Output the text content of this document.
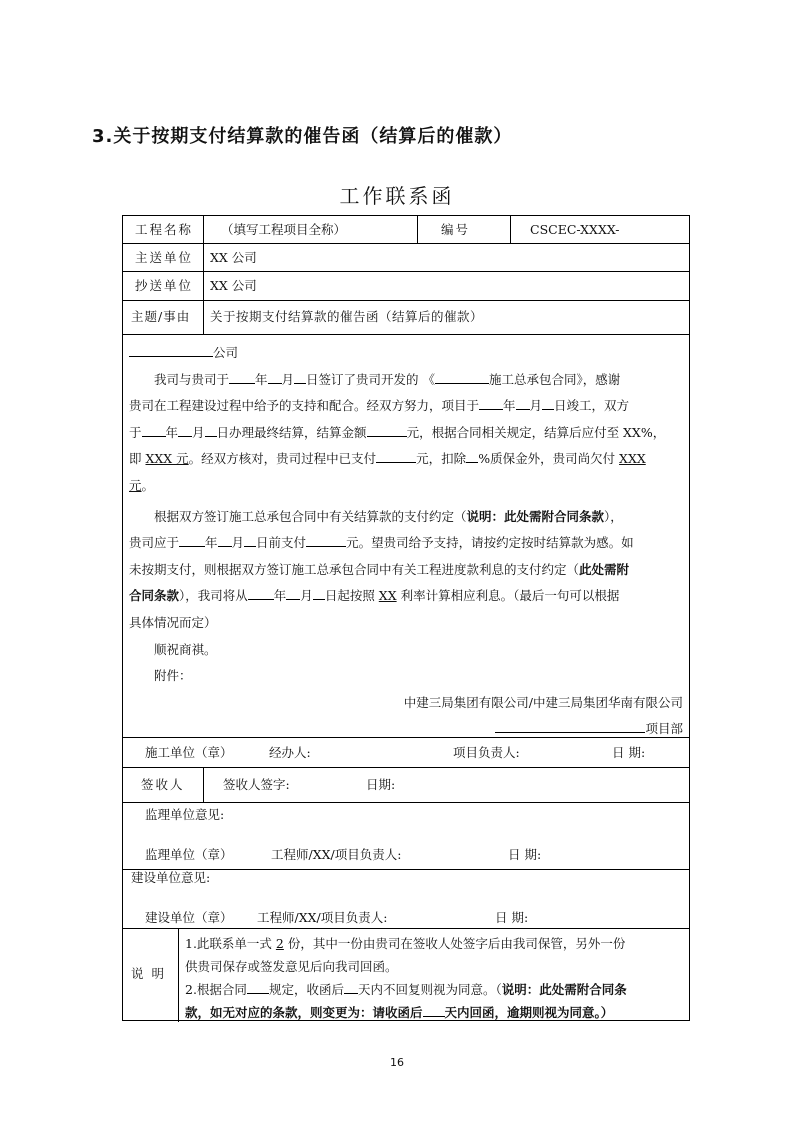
3.关于按期支付结算款的催告函（结算后的催款）
工作联系函
工程名称 （填写工程项目全称）	编号	CSCEC-XXXX-
主送单位 XX 公司
抄送单位 XX 公司
主题/事由 关于按期支付结算款的催告函（结算后的催款）

公司

我司与贵司于 年 月 日签订了贵司开发的 《	施工总承包合同》，感谢
贵司在工程建设过程中给予的支持和配合。经双方努力，项目于 年 月 日竣工，双方
于 年 月 日办理最终结算，结算金额	元，根据合同相关规定，结算后应付至 XX%，
即 XXX 元。经双方核对，贵司过程中已支付	元，扣除 %质保金外，贵司尚欠付 XXX
元。

根据双方签订施工总承包合同中有关结算款的支付约定（说明：此处需附合同条款），
贵司应于 年 月 日前支付	元。望贵司给予支持，请按约定按时结算款为感。如
未按期支付，则根据双方签订施工总承包合同中有关工程进度款利息的支付约定（此处需附
合同条款），我司将从 年 月 日起按照 XX 利率计算相应利息。（最后一句可以根据
具体情况而定）

顺祝商祺。

附件：

中建三局集团有限公司/中建三局集团华南有限公司

项目部

施工单位（章）	经办人:	项目负责人:	日 期:
签收人	签收人签字:	日期:
监理单位意见:
监理单位（章）	工程师/XX/项目负责人:	日 期:
建设单位意见:
建设单位（章） 工程师/XX/项目负责人:	日 期:
说 明

1.此联系单一式 2 份，其中一份由贵司在签收人处签字后由我司保管，另外一份

供贵司保存或签发意见后向我司回函。

2.根据合同 规定，收函后 天内不回复则视为同意。（说明：此处需附合同条

款，如无对应的条款，则变更为：请收函后 天内回函，逾期则视为同意。）

16
